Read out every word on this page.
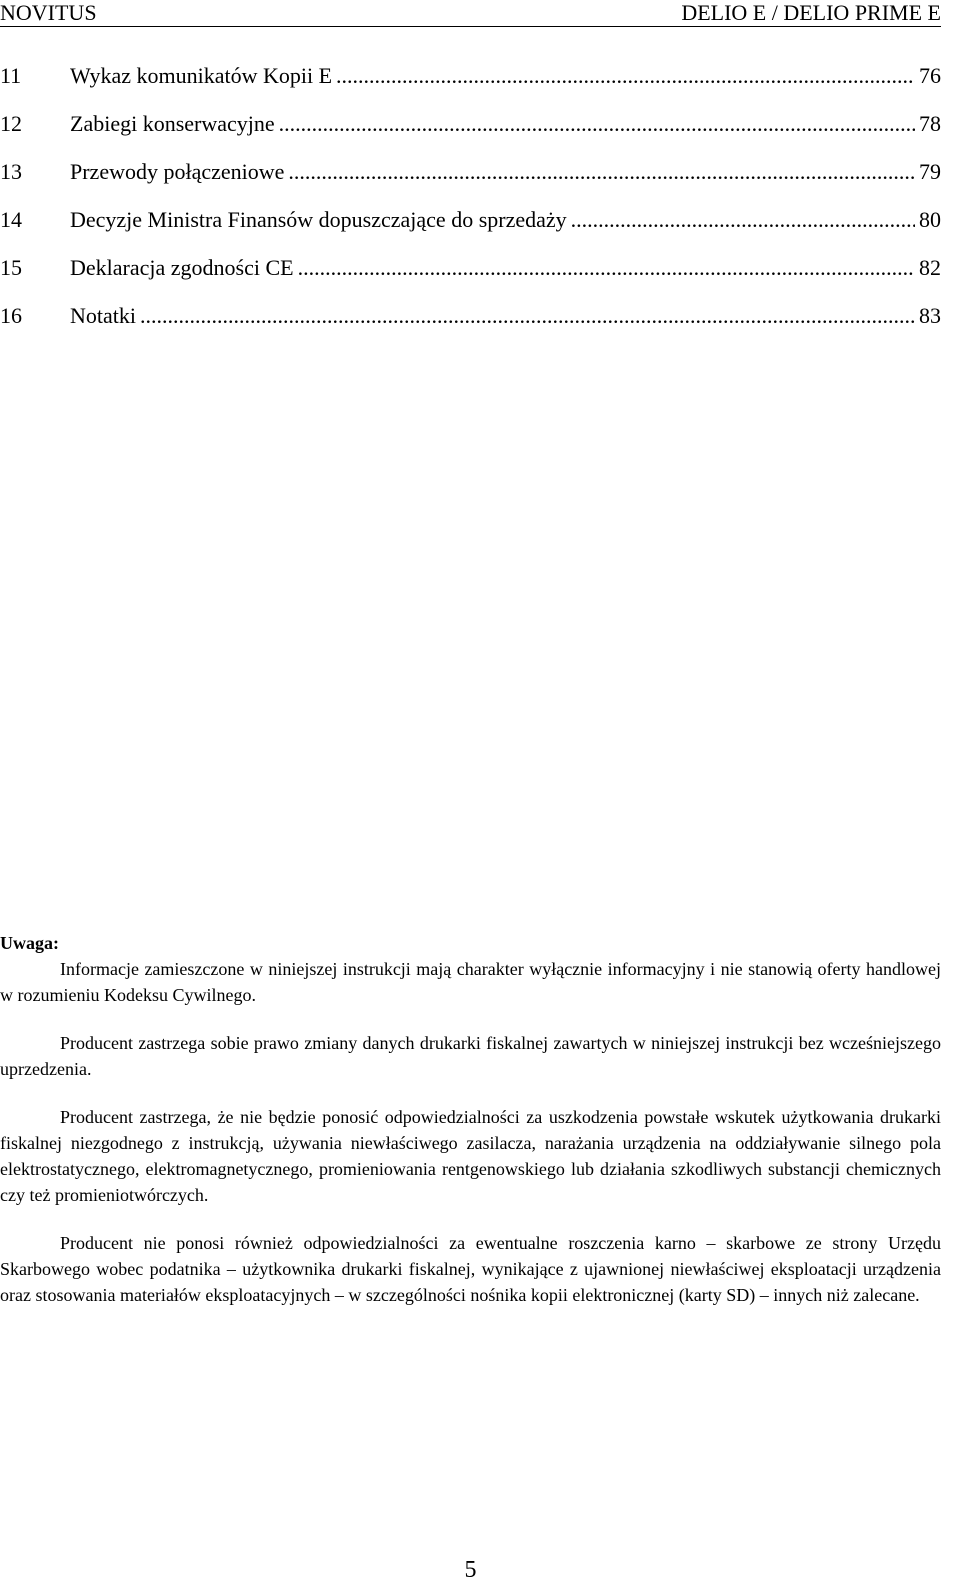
NOVITUS	DELIO E / DELIO PRIME E
11	Wykaz komunikatów Kopii E .....	76
12	Zabiegi konserwacyjne .....	78
13	Przewody połączeniowe .....	79
14	Decyzje Ministra Finansów dopuszczające do sprzedaży .....	80
15	Deklaracja zgodności CE .....	82
16	Notatki .....	83
Uwaga:

Informacje zamieszczone w niniejszej instrukcji mają charakter wyłącznie informacyjny i nie stanowią oferty handlowej w rozumieniu Kodeksu Cywilnego.

Producent zastrzega sobie prawo zmiany danych drukarki fiskalnej zawartych w niniejszej instrukcji bez wcześniejszego uprzedzenia.

Producent zastrzega, że nie będzie ponosić odpowiedzialności za uszkodzenia powstałe wskutek użytkowania drukarki fiskalnej niezgodnego z instrukcją, używania niewłaściwego zasilacza, narażania urządzenia na oddziaływanie silnego pola elektrostatycznego, elektromagnetycznego, promieniowania rentgenowskiego lub działania szkodliwych substancji chemicznych czy też promieniotwórczych.

Producent nie ponosi również odpowiedzialności za ewentualne roszczenia karno – skarbowe ze strony Urzędu Skarbowego wobec podatnika – użytkownika drukarki fiskalnej, wynikające z ujawnionej niewłaściwej eksploatacji urządzenia oraz stosowania materiałów eksploatacyjnych – w szczególności nośnika kopii elektronicznej (karty SD) – innych niż zalecane.

5
